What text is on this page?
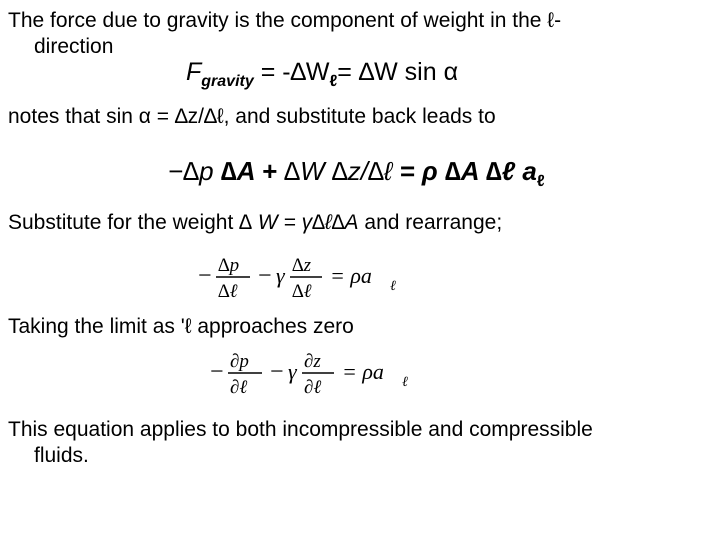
The force due to gravity is the component of weight in the ℓ-
direction
$F_{gravity} = -\Delta W_\ell= \Delta W$ sin α
notes that sin α = ∆z/∆ℓ, and substitute back leads to
−∆p ∆A + ∆W ∆z/∆ℓ = ρ ∆A ∆ℓ $a_\ell$
Substitute for the weight ∆ W = γ∆ℓ∆A and rearrange;
− ∆p
∆ℓ
− γ ∆z
∆ℓ
= ρa ℓ
Taking the limit as 'ℓ approaches zero
− ∂p
∂ℓ
− γ ∂z
∂ℓ
= ρa ℓ
This equation applies to both incompressible and compressible
fluids.
